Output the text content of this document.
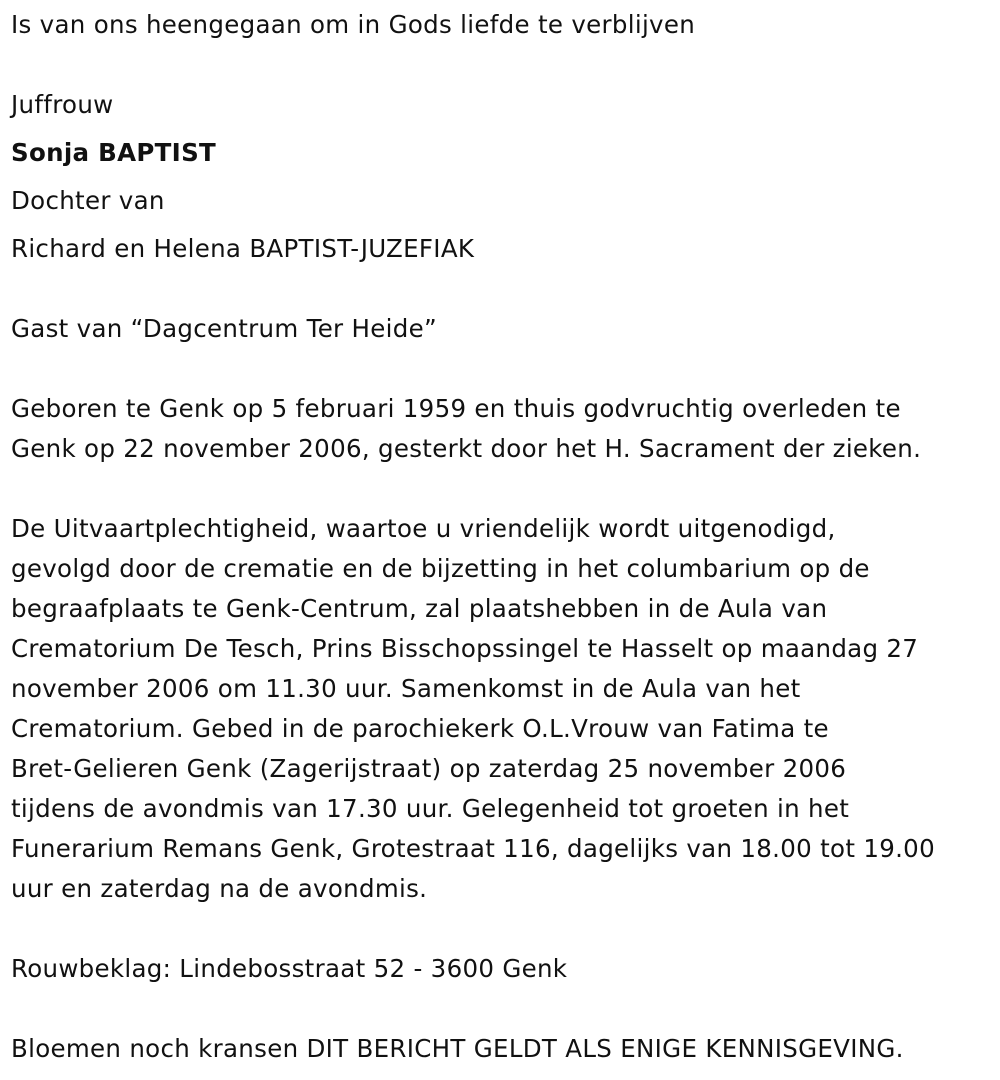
Is van ons heengegaan om in Gods liefde te verblijven
Juffrouw
Sonja BAPTIST
Dochter van
Richard en Helena BAPTIST-JUZEFIAK
Gast van “Dagcentrum Ter Heide”
Geboren te Genk op 5 februari 1959 en thuis godvruchtig overleden te
Genk op 22 november 2006, gesterkt door het H. Sacrament der zieken.
De Uitvaartplechtigheid, waartoe u vriendelijk wordt uitgenodigd,
gevolgd door de crematie en de bijzetting in het columbarium op de
begraafplaats te Genk-Centrum, zal plaatshebben in de Aula van
Crematorium De Tesch, Prins Bisschopssingel te Hasselt op maandag 27
november 2006 om 11.30 uur. Samenkomst in de Aula van het
Crematorium. Gebed in de parochiekerk O.L.Vrouw van Fatima te
Bret-Gelieren Genk (Zagerijstraat) op zaterdag 25 november 2006
tijdens de avondmis van 17.30 uur. Gelegenheid tot groeten in het
Funerarium Remans Genk, Grotestraat 116, dagelijks van 18.00 tot 19.00
uur en zaterdag na de avondmis.
Rouwbeklag: Lindebosstraat 52 - 3600 Genk
Bloemen noch kransen DIT BERICHT GELDT ALS ENIGE KENNISGEVING.
